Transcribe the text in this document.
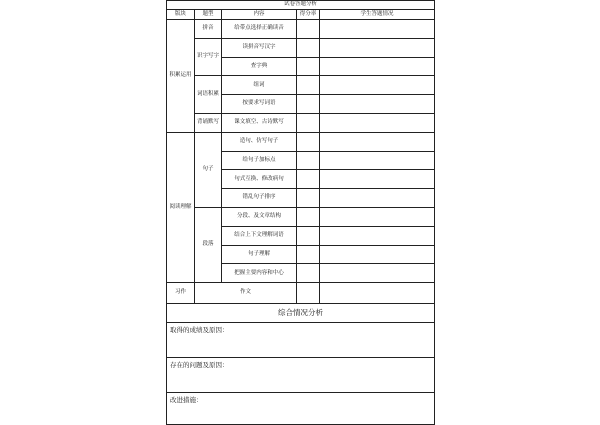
试卷答题分析				
版块	题型	内容	得分率	学生答题情况
积累运用	拼音	给带点选择正确读音		
	识字写字	读拼音写汉字		
		查字典		
	词语积累	组词		
		按要求写词语		
	背诵默写	课文填空、古诗默写		
阅读理解	句子	造句、仿写句子		
		给句子加标点		
		句式互换、修改病句		
		错乱句子排序		
	段落	分段、及文章结构		
		结合上下文理解词语		
		句子理解		
		把握主要内容和中心		
习作	作文			
综合情况分析				
取得的成绩及原因：				
存在的问题及原因：				
改进措施：				
